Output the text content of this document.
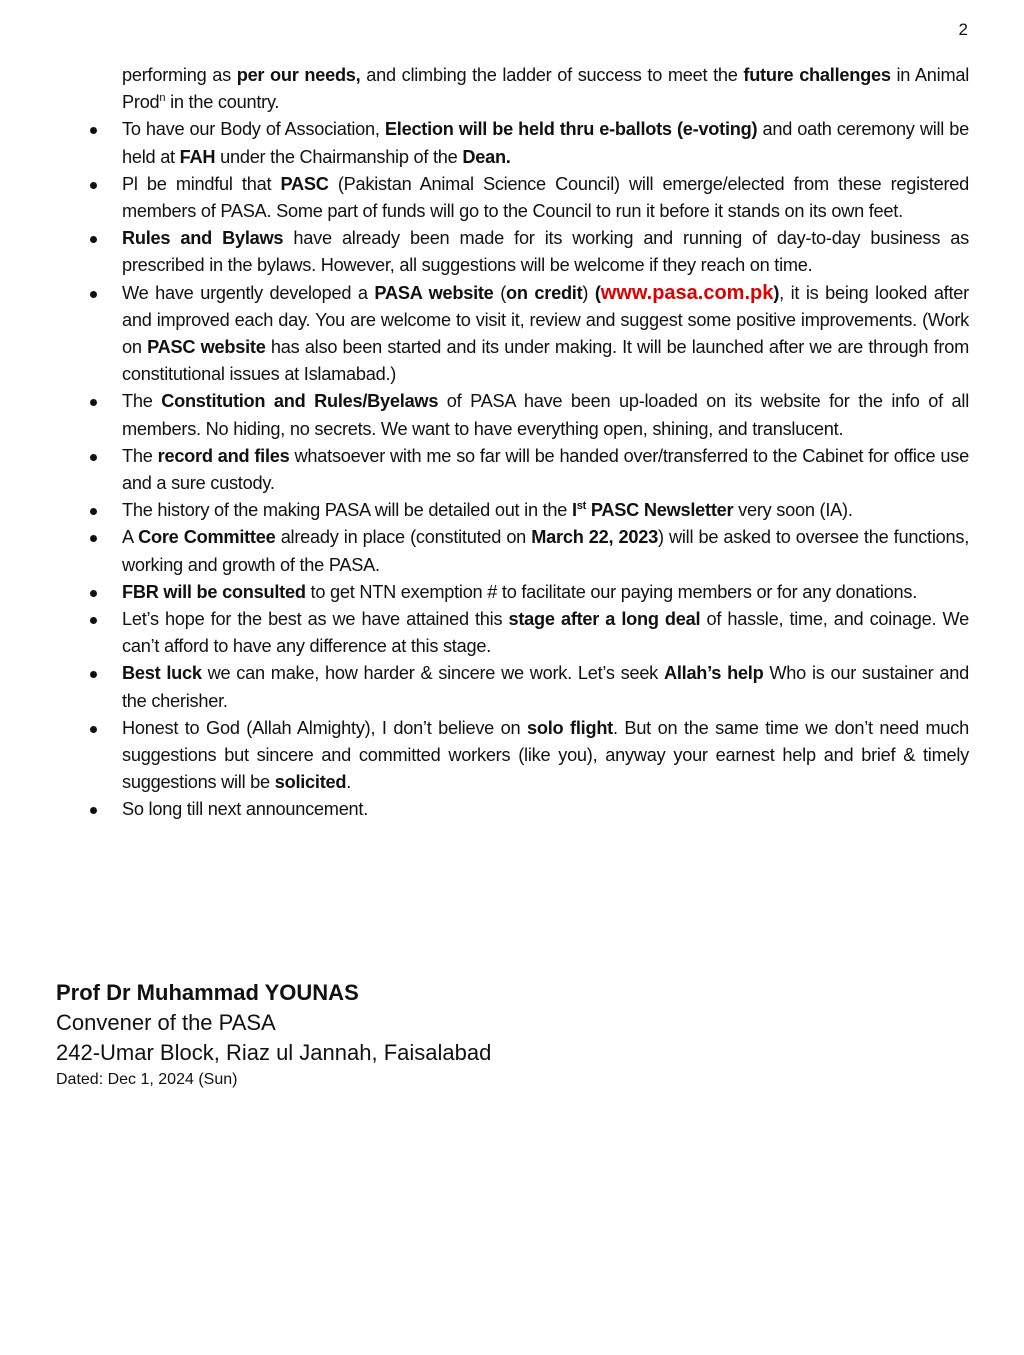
2
performing as per our needs, and climbing the ladder of success to meet the future challenges in Animal Prod$^n$ in the country.
To have our Body of Association, Election will be held thru e-ballots (e-voting) and oath ceremony will be held at FAH under the Chairmanship of the Dean.
Pl be mindful that PASC (Pakistan Animal Science Council) will emerge/elected from these registered members of PASA. Some part of funds will go to the Council to run it before it stands on its own feet.
Rules and Bylaws have already been made for its working and running of day-to-day business as prescribed in the bylaws. However, all suggestions will be welcome if they reach on time.
We have urgently developed a PASA website (on credit) (www.pasa.com.pk), it is being looked after and improved each day. You are welcome to visit it, review and suggest some positive improvements. (Work on PASC website has also been started and its under making. It will be launched after we are through from constitutional issues at Islamabad.)
The Constitution and Rules/Byelaws of PASA have been up-loaded on its website for the info of all members. No hiding, no secrets. We want to have everything open, shining, and translucent.
The record and files whatsoever with me so far will be handed over/transferred to the Cabinet for office use and a sure custody.
The history of the making PASA will be detailed out in the Ist PASC Newsletter very soon (IA).
A Core Committee already in place (constituted on March 22, 2023) will be asked to oversee the functions, working and growth of the PASA.
FBR will be consulted to get NTN exemption # to facilitate our paying members or for any donations.
Let’s hope for the best as we have attained this stage after a long deal of hassle, time, and coinage. We can’t afford to have any difference at this stage.
Best luck we can make, how harder & sincere we work. Let’s seek Allah’s help Who is our sustainer and the cherisher.
Honest to God (Allah Almighty), I don’t believe on solo flight. But on the same time we don’t need much suggestions but sincere and committed workers (like you), anyway your earnest help and brief & timely suggestions will be solicited.
So long till next announcement.
Prof Dr Muhammad YOUNAS
Convener of the PASA
242-Umar Block, Riaz ul Jannah, Faisalabad
Dated: Dec 1, 2024 (Sun)
